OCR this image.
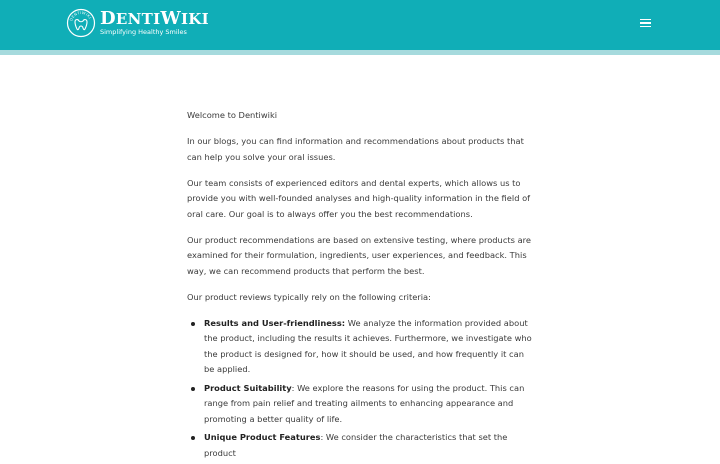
DENTIWIKI DENTIWIKI
Simplifying Healthy Smiles

Welcome to Dentiwiki

In our blogs, you can find information and recommendations about products that can help you solve your oral issues.

Our team consists of experienced editors and dental experts, which allows us to provide you with well-founded analyses and high-quality information in the field of oral care. Our goal is to always offer you the best recommendations.

Our product recommendations are based on extensive testing, where products are examined for their formulation, ingredients, user experiences, and feedback. This way, we can recommend products that perform the best.

Our product reviews typically rely on the following criteria:

Results and User-friendliness: We analyze the information provided about the product, including the results it achieves. Furthermore, we investigate who the product is designed for, how it should be used, and how frequently it can be applied.
Product Suitability: We explore the reasons for using the product. This can range from pain relief and treating ailments to enhancing appearance and promoting a better quality of life.
Unique Product Features: We consider the characteristics that set the product
